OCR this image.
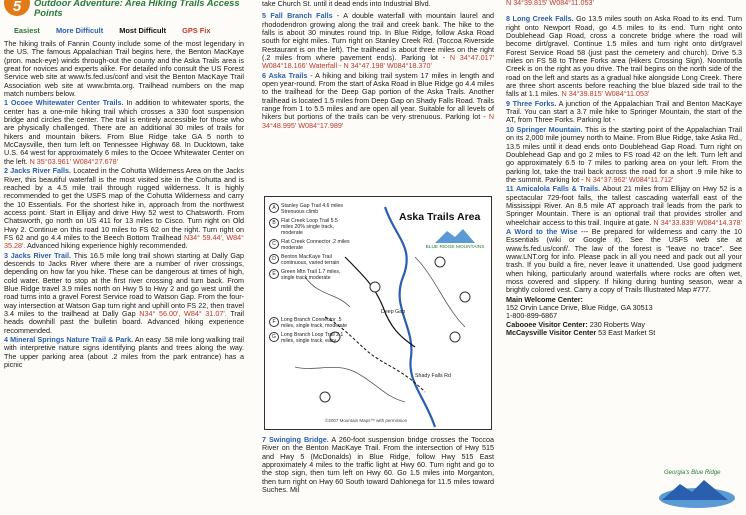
5	Outdoor Adventure: Area Hiking Trails Access Points
Easiest More Difficult Most Difficult GPS Fix

The hiking trails of Fannin County include some of the most legendary in the US. The famous Appalachian Trail begins here, the Benton MacKaye (pron. mack-eye) winds through-out the county and the Aska Trails area is great for novices and experts alike. For detailed info consult the US Forest Service web site at www.fs.fed.us/conf and visit the Benton MacKaye Trail Association web site at www.bmta.org. Trailhead numbers on the map match numbers below.

1 Ocoee Whitewater Center Trails. In addition to whitewater sports, the center has a one-mile hiking trail which crosses a 330 foot suspension bridge and circles the center. The trail is entirely accessible for those who are physically challenged. There are an additional 30 miles of trails for hikers and mountain bikers. From Blue Ridge take GA 5 north to McCaysville, then turn left on Tennessee Highway 68. In Ducktown, take U.S. 64 west for approximately 6 miles to the Ocoee Whitewater Center on the left. N 35°03.961' W084°27.678'

2 Jacks River Falls. Located in the Cohutta Wilderness Area on the Jacks River, this beautiful waterfall is the most visited site in the Cohutta and is reached by a 4.5 mile trail through rugged wilderness. It is highly recommended to get the USFS map of the Cohutta Wilderness and carry the 10 Essentials. For the shortest hike in, approach from the northwest access point. Start in Ellijay and drive Hwy 52 west to Chatsworth. From Chatsworth, go north on US 411 for 13 miles to Cisco. Turn right on Old Hwy 2. Continue on this road 10 miles to FS 62 on the right. Turn right on FS 62 and go 4.4 miles to the Beech Bottom Trailhead N34° 59.44', W84° 35.28'. Advanced hiking experience highly recommended.

3 Jacks River Trail. This 16.5 mile long trail shown starting at Dally Gap descends to Jacks River where there are a number of river crossings, depending on how far you hike. These can be dangerous at times of high, cold water. Better to stop at the first river crossing and turn back. From Blue Ridge travel 3.9 miles north on Hwy 5 to Hwy 2 and go west until the road turns into a gravel Forest Service road to Watson Gap. From the four-way intersection at Watson Gap turn right and uphill onto FS 22, then travel 3.4 miles to the trailhead at Dally Gap N34° 56.00', W84° 31.07'. Trail heads downhill past the bulletin board. Advanced hiking experience recommended.

4 Mineral Springs Nature Trail & Park. An easy .58 mile long walking trail with interpretive nature signs identifying plants and trees along the way. The upper parking area (about .2 miles from the park entrance) has a picnic

take Church St. until it dead ends into Industrial Blvd.

5 Fall Branch Falls - A double waterfall with mountain laurel and rhododendron growing along the trail and creek bank. The hike to the falls is about 30 minutes round trip. In Blue Ridge, follow Aska Road south for eight miles. Turn right on Stanley Creek Rd. (Toccoa Riverside Restaurant is on the left). The trailhead is about three miles on the right (.2 miles from where pavement ends). Parking lot - N 34°47.017' W084°18.166' Waterfall - N 34°47.198' W084°18.370'

6 Aska Trails - A hiking and biking trail system 17 miles in length and open year-round. From the start of Aska Road in Blue Ridge go 4.4 miles to the trailhead for the Deep Gap portion of the Aska Trails. Another trailhead is located 1.5 miles from Deep Gap on Shady Falls Road. Trails range from 1 to 5.5 miles and are open all year. Suitable for all levels of hikers but portions of the trails can be very strenuous. Parking lot - N 34°48.995' W084°17.989'

7 Swinging Bridge. A 260-foot suspension bridge crosses the Toccoa River on the Benton MacKaye Trail. From the intersection of Hwy 515 and Hwy 5 (McDonalds) in Blue Ridge, follow Hwy 515 East approximately 4 miles to the traffic light at Hwy 60. Turn right and go to the stop sign, then turn left on Hwy 60. Go 1.5 miles into Morganton, then turn right on Hwy 60 South toward Dahlonega for 11.5 miles toward Suches. Mil

Aska Trails Area
BLUE RIDGE MOUNTAINS
A	Stanley Gap Trail 4.6 miles Strenuous climb
B	Flat Creek Loop Trail 5.5 miles 20% single track, moderate
C Flat Creek Connector .2 miles moderate
D Benton MacKaye Trail continuous, varied terrain
E	Green Mtn Trail 1.7 miles, single track moderate
F	Long Branch Connector .5 miles, single track, moderate
G Long Branch Loop Trail 2.1 miles, single track, easy
Deep Gap
Shady Falls Rd
©2007 Mountain Maps™ with permission

N 34°39.815' W084°11.053'

8 Long Creek Falls. Go 13.5 miles south on Aska Road to its end. Turn right onto Newport Road, go 4.5 miles to its end. Turn right onto Doublehead Gap Road, cross a concrete bridge where the road will become dirt/gravel. Continue 1.5 miles and turn right onto dirt/gravel Forest Service Road 58 (just past the cemetery and church). Drive 5.3 miles on FS 58 to Three Forks area (Hikers Crossing Sign). Noontootla Creek is on the right as you drive. The trail begins on the north side of the road on the left and starts as a gradual hike alongside Long Creek. There are three short ascents before reaching the blue blazed side trail to the falls at 1.1 miles. N 34°39.815' W084°11.053'

9 Three Forks. A junction of the Appalachian Trail and Benton MacKaye Trail. You can start a 3.7 mile hike to Springer Mountain, the start of the AT, from Three Forks. Parking lot -

10 Springer Mountain. This is the starting point of the Appalachian Trail on its 2,000 mile journey north to Maine. From Blue Ridge, take Aska Rd., 13.5 miles until it dead ends onto Doublehead Gap Road. Turn right on Doublehead Gap and go 2 miles to FS road 42 on the left. Turn left and go approximately 6.5 to 7 miles to parking area on your left. From the parking lot, take the trail back across the road for a short .9 mile hike to the summit. Parking lot - N 34°37.962' W084°11.712'

11 Amicalola Falls & Trails. About 21 miles from Ellijay on Hwy 52 is a spectacular 729-foot falls, the tallest cascading waterfall east of the Mississippi River. An 8.5 mile AT approach trail leads from the park to Springer Mountain. There is an optional trail that provides stroller and wheelchair access to this trail. Inquire at gate. N 34°33.839' W084°14.378'

A Word to the Wise --- Be prepared for wilderness and carry the 10 Essentials (wiki or Google it). See the USFS web site at www.fs.fed.us/conf/. The law of the forest is "leave no trace". See www.LNT.org for info. Please pack in all you need and pack out all your trash. If you build a fire, never leave it unattended. Use good judgment when hiking, particularly around waterfalls where rocks are often wet, moss covered and slippery. If hiking during hunting season, wear a brightly colored vest. Carry a copy of Trails Illustrated Map #777.

Main Welcome Center:
152 Orvin Lance Drive, Blue Ridge, GA 30513
1-800-899-6867
Cabooee Visitor Center: 230 Roberts Way
McCaysville Visitor Center 53 East Market St
Georgia's Blue Ridge
